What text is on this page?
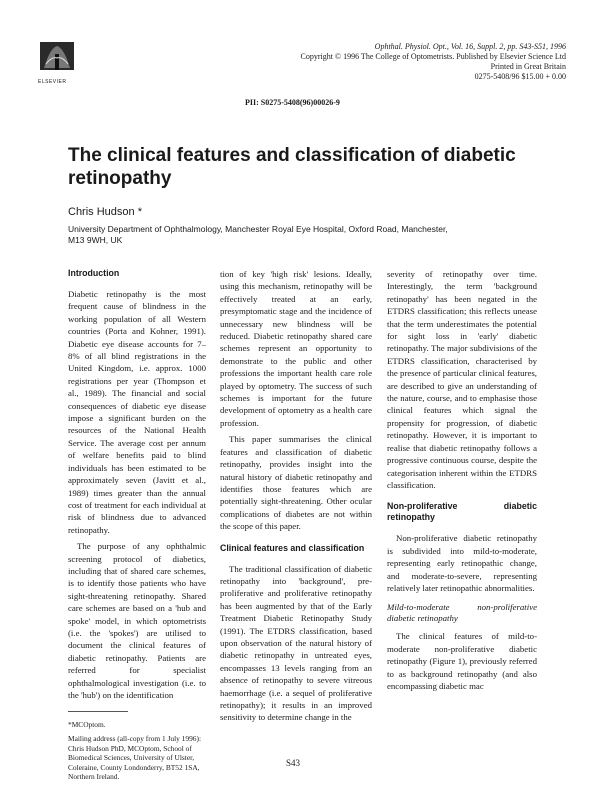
ELSEVIER
Ophthal. Physiol. Opt., Vol. 16, Suppl. 2, pp. S43-S51, 1996
Copyright © 1996 The College of Optometrists. Published by Elsevier Science Ltd
Printed in Great Britain
0275-5408/96 $15.00 + 0.00
PII: S0275-5408(96)00026-9
The clinical features and classification of diabetic retinopathy
Chris Hudson *
University Department of Ophthalmology, Manchester Royal Eye Hospital, Oxford Road, Manchester, M13 9WH, UK
Introduction

Diabetic retinopathy is the most frequent cause of blindness in the working population of all Western countries (Porta and Kohner, 1991). Diabetic eye disease accounts for 7–8% of all blind registrations in the United Kingdom, i.e. approx. 1000 registrations per year (Thompson et al., 1989). The financial and social consequences of diabetic eye disease impose a significant burden on the resources of the National Health Service. The average cost per annum of welfare benefits paid to blind individuals has been estimated to be approximately seven (Javitt et al., 1989) times greater than the annual cost of treatment for each individual at risk of blindness due to advanced retinopathy.

The purpose of any ophthalmic screening protocol of diabetics, including that of shared care schemes, is to identify those patients who have sight-threatening retinopathy. Shared care schemes are based on a 'hub and spoke' model, in which optometrists (i.e. the 'spokes') are utilised to document the clinical features of diabetic retinopathy. Patients are referred for specialist ophthalmological investigation (i.e. to the 'hub') on the identification

*MCOptom.

Mailing address (all-copy from 1 July 1996): Chris Hudson PhD, MCOptom, School of Biomedical Sciences, University of Ulster, Coleraine, County Londonderry, BT52 1SA, Northern Ireland.

tion of key 'high risk' lesions. Ideally, using this mechanism, retinopathy will be effectively treated at an early, presymptomatic stage and the incidence of unnecessary new blindness will be reduced. Diabetic retinopathy shared care schemes represent an opportunity to demonstrate to the public and other professions the important health care role played by optometry. The success of such schemes is important for the future development of optometry as a health care profession.

This paper summarises the clinical features and classification of diabetic retinopathy, provides insight into the natural history of diabetic retinopathy and identifies those features which are potentially sight-threatening. Other ocular complications of diabetes are not within the scope of this paper.

Clinical features and classification

The traditional classification of diabetic retinopathy into 'background', pre-proliferative and proliferative retinopathy has been augmented by that of the Early Treatment Diabetic Retinopathy Study (1991). The ETDRS classification, based upon observation of the natural history of diabetic retinopathy in untreated eyes, encompasses 13 levels ranging from an absence of retinopathy to severe vitreous haemorrhage (i.e. a sequel of proliferative retinopathy); it results in an improved sensitivity to determine change in the

severity of retinopathy over time. Interestingly, the term 'background retinopathy' has been negated in the ETDRS classification; this reflects unease that the term underestimates the potential for sight loss in 'early' diabetic retinopathy. The major subdivisions of the ETDRS classification, characterised by the presence of particular clinical features, are described to give an understanding of the nature, course, and to emphasise those clinical features which signal the propensity for progression, of diabetic retinopathy. However, it is important to realise that diabetic retinopathy follows a progressive continuous course, despite the categorisation inherent within the ETDRS classification.

Non-proliferative diabetic retinopathy

Non-proliferative diabetic retinopathy is subdivided into mild-to-moderate, representing early retinopathic change, and moderate-to-severe, representing relatively later retinopathic abnormalities.

Mild-to-moderate non-proliferative diabetic retinopathy

The clinical features of mild-to-moderate non-proliferative diabetic retinopathy (Figure 1), previously referred to as background retinopathy (and also encompassing diabetic mac

S43
